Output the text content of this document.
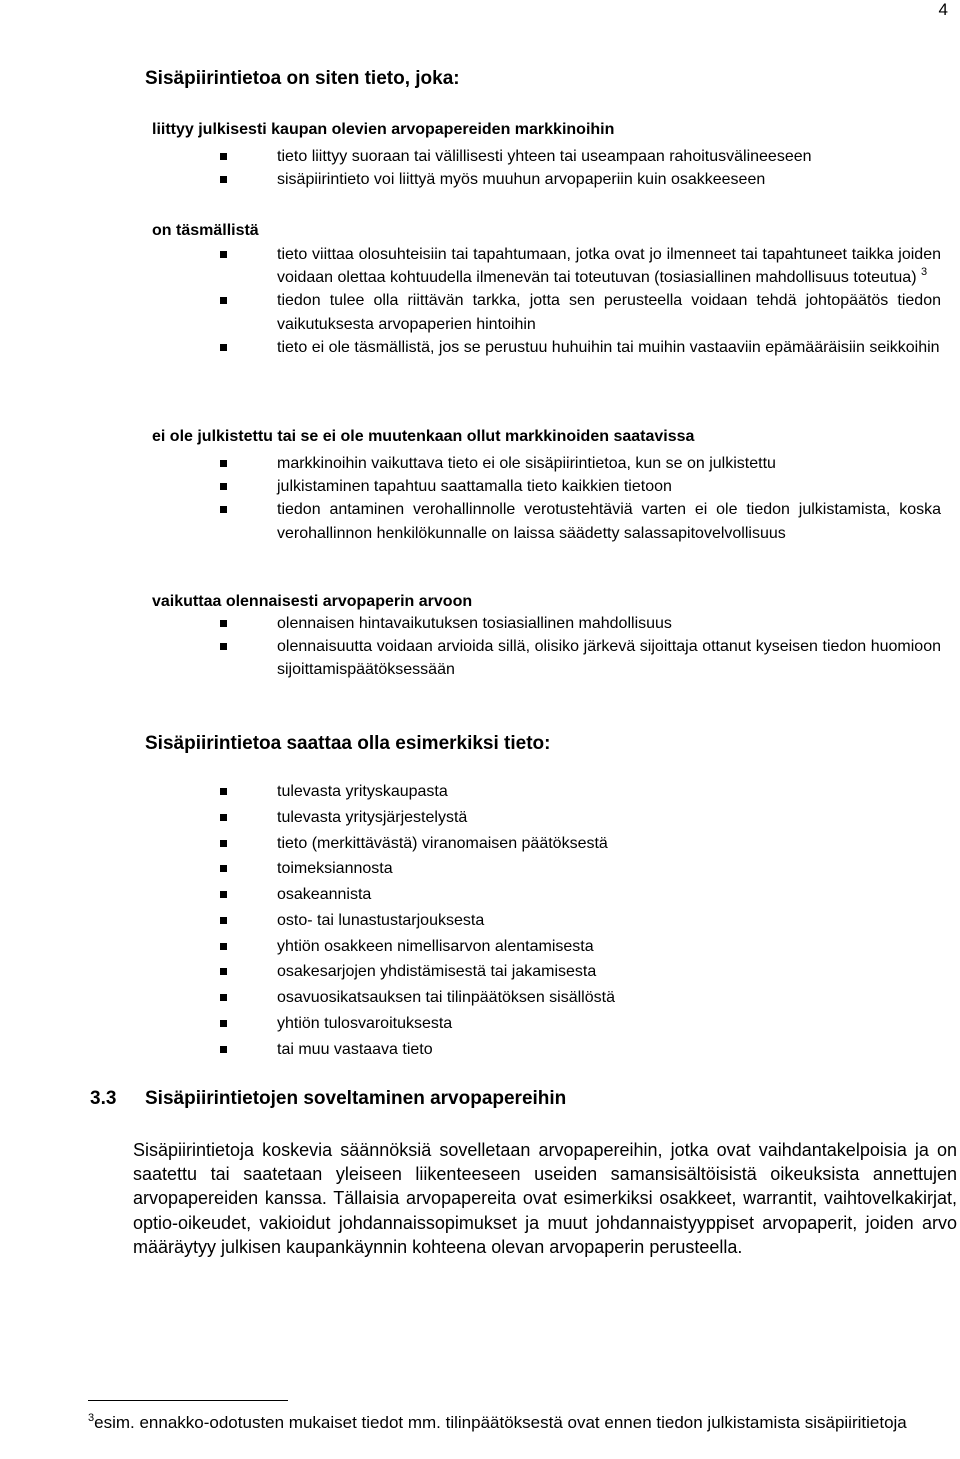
4
Sisäpiirintietoa on siten tieto, joka:

liittyy julkisesti kaupan olevien arvopapereiden markkinoihin

tieto liittyy suoraan tai välillisesti yhteen tai useampaan rahoitusvälineeseen
sisäpiirintieto voi liittyä myös muuhun arvopaperiin kuin osakkeeseen

on täsmällistä

tieto viittaa olosuhteisiin tai tapahtumaan, jotka ovat jo ilmenneet tai tapahtuneet taikka joiden voidaan olettaa kohtuudella ilmenevän tai toteutuvan (tosiasiallinen mahdollisuus toteutua) $^3$
tiedon tulee olla riittävän tarkka, jotta sen perusteella voidaan tehdä johtopäätös tiedon vaikutuksesta arvopaperien hintoihin
tieto ei ole täsmällistä, jos se perustuu huhuihin tai muihin vastaaviin epämääräisiin seikkoihin

ei ole julkistettu tai se ei ole muutenkaan ollut markkinoiden saatavissa

markkinoihin vaikuttava tieto ei ole sisäpiirintietoa, kun se on julkistettu
julkistaminen tapahtuu saattamalla tieto kaikkien tietoon
tiedon antaminen verohallinnolle verotustehtäviä varten ei ole tiedon julkistamista, koska verohallinnon henkilökunnalle on laissa säädetty salassapitovelvollisuus

vaikuttaa olennaisesti arvopaperin arvoon

olennaisen hintavaikutuksen tosiasiallinen mahdollisuus
olennaisuutta voidaan arvioida sillä, olisiko järkevä sijoittaja ottanut kyseisen tiedon huomioon sijoittamispäätöksessään
Sisäpiirintietoa saattaa olla esimerkiksi tieto:
tulevasta yrityskaupasta
tulevasta yritysjärjestelystä
tieto (merkittävästä) viranomaisen päätöksestä
toimeksiannosta
osakeannista
osto- tai lunastustarjouksesta
yhtiön osakkeen nimellisarvon alentamisesta
osakesarjojen yhdistämisestä tai jakamisesta
osavuosikatsauksen tai tilinpäätöksen sisällöstä
yhtiön tulosvaroituksesta
tai muu vastaava tieto
3.3 Sisäpiirintietojen soveltaminen arvopapereihin

Sisäpiirintietoja koskevia säännöksiä sovelletaan arvopapereihin, jotka ovat vaihdantakelpoisia ja on saatettu tai saatetaan yleiseen liikenteeseen useiden samansisältöisistä oikeuksista annettujen arvopapereiden kanssa. Tällaisia arvopapereita ovat esimerkiksi osakkeet, warrantit, vaihtovelkakirjat, optio-oikeudet, vakioidut johdannaissopimukset ja muut johdannaistyyppiset arvopaperit, joiden arvo määräytyy julkisen kaupankäynnin kohteena olevan arvopaperin perusteella.

$^3$esim. ennakko-odotusten mukaiset tiedot mm. tilinpäätöksestä ovat ennen tiedon julkistamista sisäpiiritietoja
